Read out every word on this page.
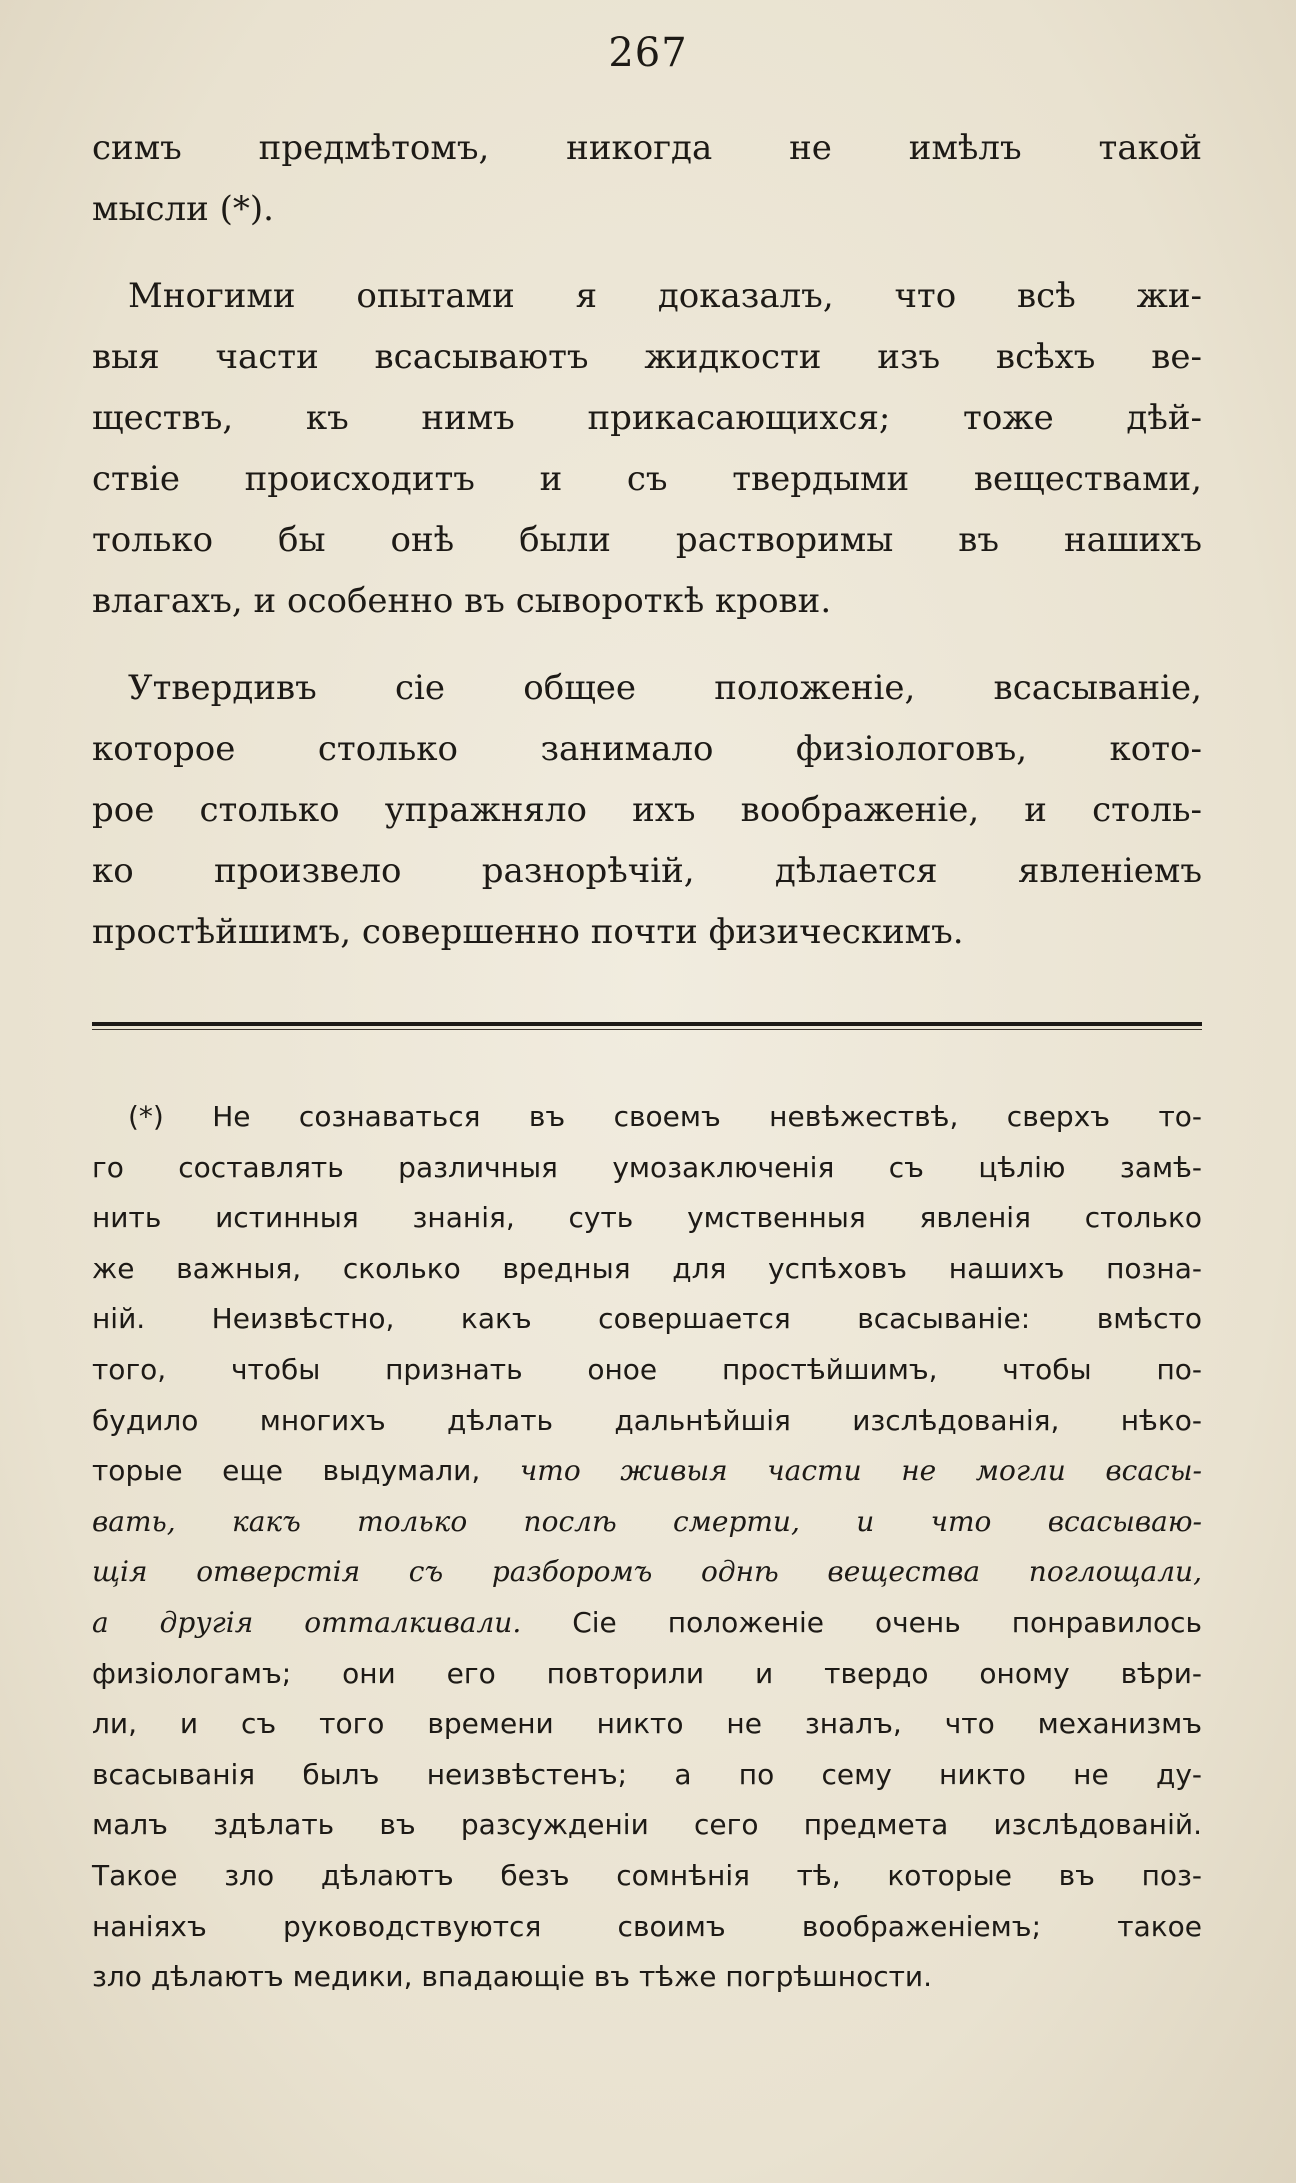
267
симъ предмѣтомъ, никогда не имѣлъ такой
мысли (*).
Многими опытами я доказалъ, что всѣ жи-
выя части всасываютъ жидкости изъ всѣхъ ве-
ществъ, къ нимъ прикасающихся; тоже дѣй-
ствіе происходитъ и съ твердыми веществами,
только бы онѣ были растворимы въ нашихъ
влагахъ, и особенно въ сывороткѣ крови.
Утвердивъ сіе общее положеніе, всасываніе,
которое столько занимало физіологовъ, кото-
рое столько упражняло ихъ воображеніе, и столь-
ко произвело разнорѣчій, дѣлается явленіемъ
простѣйшимъ, совершенно почти физическимъ.
(*) Не сознаваться въ своемъ невѣжествѣ, сверхъ то-
го составлять различныя умозаключенія съ цѣлію замѣ-
нить истинныя знанія, суть умственныя явленія столько
же важныя, сколько вредныя для успѣховъ нашихъ позна-
ній. Неизвѣстно, какъ совершается всасываніе: вмѣсто
того, чтобы признать оное простѣйшимъ, чтобы по-
будило многихъ дѣлать дальнѣйшія изслѣдованія, нѣко-
торые еще выдумали, что живыя части не могли всасы-
вать, какъ только послѣ смерти, и что всасываю-
щія отверстія съ разборомъ однѣ вещества поглощали,
а другія отталкивали. Сіе положеніе очень понравилось
физіологамъ; они его повторили и твердо оному вѣри-
ли, и съ того времени никто не зналъ, что механизмъ
всасыванія былъ неизвѣстенъ; а по сему никто не ду-
малъ здѣлать въ разсужденіи сего предмета изслѣдованій.
Такое зло дѣлаютъ безъ сомнѣнія тѣ, которые въ поз-
наніяхъ руководствуются своимъ воображеніемъ; такое
зло дѣлаютъ медики, впадающіе въ тѣже погрѣшности.
